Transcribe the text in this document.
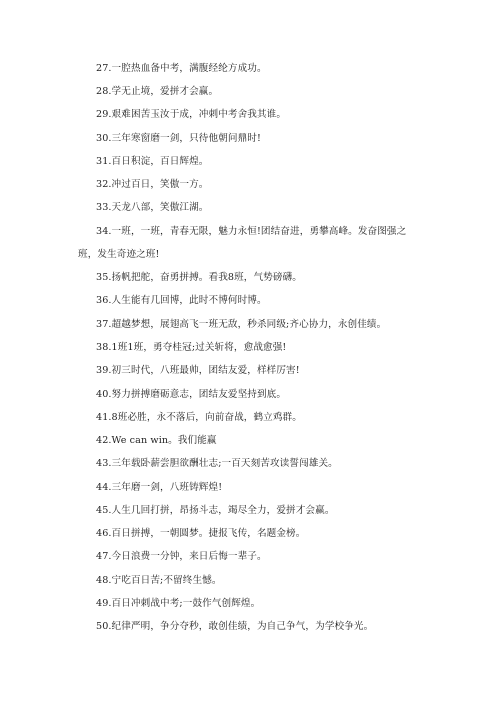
27.一腔热血备中考，满腹经纶方成功。
28.学无止境，爱拼才会赢。
29.艰难困苦玉汝于成，冲刺中考舍我其谁。
30.三年寒窗磨一剑，只待他朝问鼎时!
31.百日积淀，百日辉煌。
32.冲过百日，笑傲一方。
33.天龙八部，笑傲江湖。
34.一班，一班，青春无限，魅力永恒!团结奋进，勇攀高峰。发奋图强之
班，发生奇迹之班!
35.扬帆把舵，奋勇拼搏。看我8班，气势磅礴。
36.人生能有几回博，此时不博何时博。
37.超越梦想，展翅高飞一班无敌，秒杀同级;齐心协力，永创佳绩。
38.1班1班，勇夺桂冠;过关斩将，愈战愈强!
39.初三时代，八班最帅，团结友爱，样样厉害!
40.努力拼搏磨砺意志，团结友爱坚持到底。
41.8班必胜，永不落后，向前奋战，鹤立鸡群。
42.We can win。我们能赢
43.三年载卧薪尝胆欲酬壮志;一百天刻苦攻读誓闯雄关。
44.三年磨一剑，八班铸辉煌!
45.人生几回打拼，昂扬斗志，竭尽全力，爱拼才会赢。
46.百日拼搏，一朝圆梦。捷报飞传，名题金榜。
47.今日浪费一分钟，来日后悔一辈子。
48.宁吃百日苦;不留终生憾。
49.百日冲刺战中考;一鼓作气创辉煌。
50.纪律严明，争分夺秒，敢创佳绩，为自己争气，为学校争光。
